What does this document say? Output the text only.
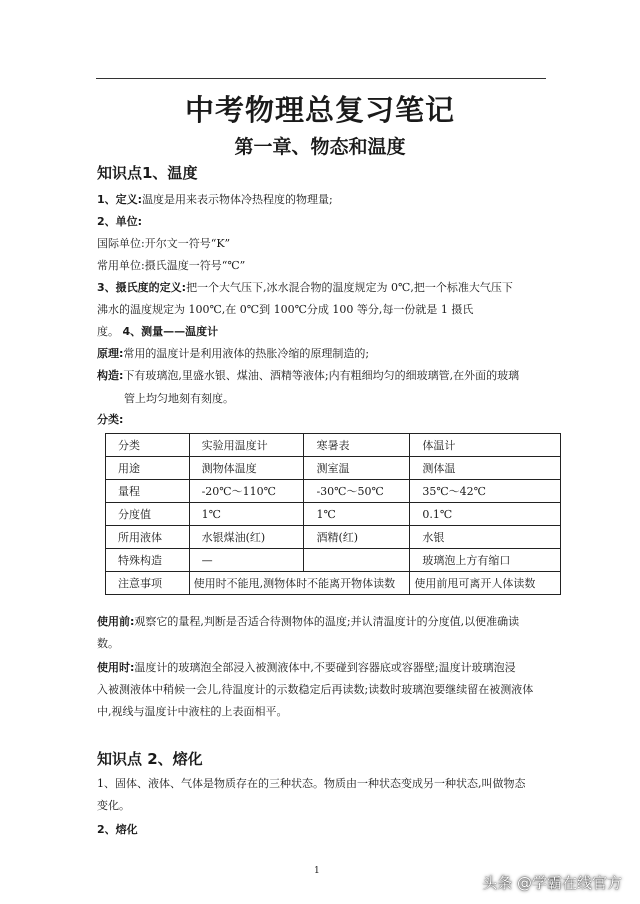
中考物理总复习笔记
第一章、物态和温度
知识点1、温度
1、定义:温度是用来表示物体冷热程度的物理量;
2、单位:
国际单位:开尔文一符号“K”
常用单位:摄氏温度一符号“℃”
3、摄氏度的定义:把一个大气压下,冰水混合物的温度规定为 0℃,把一个标准大气压下
沸水的温度规定为 100℃,在 0℃到 100℃分成 100 等分,每一份就是 1 摄氏
度。 4、测量——温度计
原理:常用的温度计是利用液体的热胀冷缩的原理制造的;
构造:下有玻璃泡,里盛水银、煤油、酒精等液体;内有粗细均匀的细玻璃管,在外面的玻璃
管上均匀地刻有刻度。
分类:
分类	实验用温度计	寒暑表	体温计
用途	测物体温度	测室温	测体温
量程	-20℃～110℃	-30℃～50℃	35℃～42℃
分度值	1℃	1℃	0.1℃
所用液体	水银煤油(红)	酒精(红)	水银
特殊构造	—		玻璃泡上方有缩口
注意事项	使用时不能甩,测物体时不能离开物体读数		使用前甩可离开人体读数
使用前:观察它的量程,判断是否适合待测物体的温度;并认清温度计的分度值,以便准确读
数。
使用时:温度计的玻璃泡全部浸入被测液体中,不要碰到容器底或容器壁;温度计玻璃泡浸
入被测液体中稍候一会儿,待温度计的示数稳定后再读数;读数时玻璃泡要继续留在被测液体
中,视线与温度计中液柱的上表面相平。
知识点 2、熔化
1、固体、液体、气体是物质存在的三种状态。物质由一种状态变成另一种状态,叫做物态
变化。
2、熔化
1
头条 @学霸在线官方
